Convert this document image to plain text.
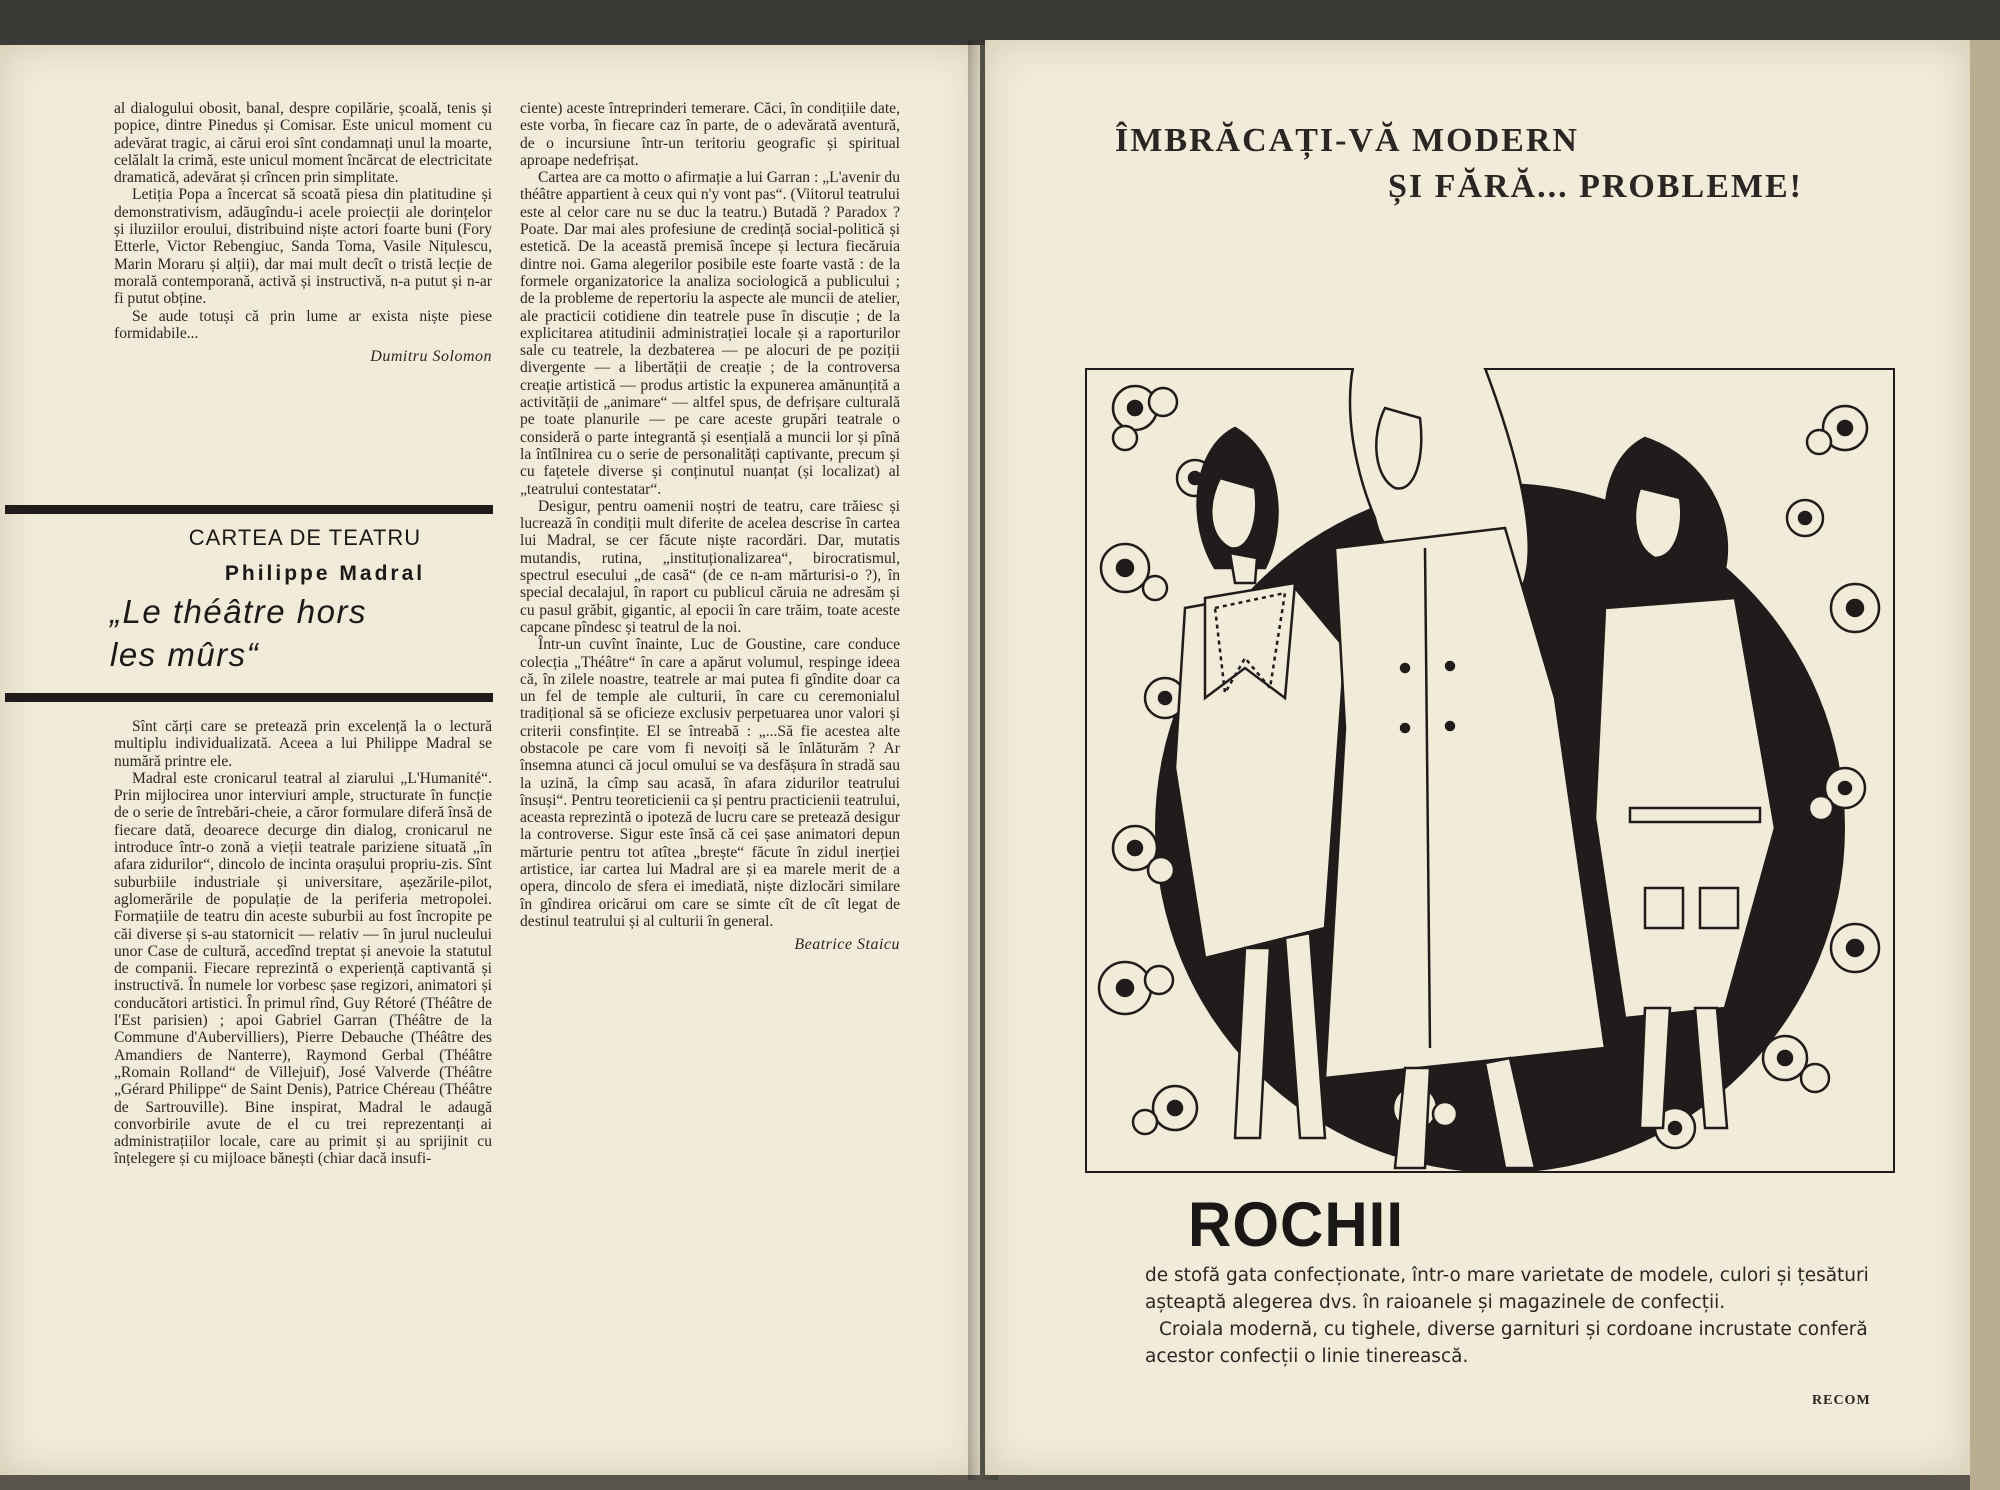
al dialogului obosit, banal, despre copilărie, școală, tenis și popice, dintre Pinedus și Comisar. Este unicul moment cu adevărat tragic, ai cărui eroi sînt condamnați unul la moarte, celălalt la crimă, este unicul moment încărcat de electricitate dramatică, adevărat și crîncen prin simplitate.

Letiția Popa a încercat să scoată piesa din platitudine și demonstrativism, adăugîndu-i acele proiecții ale dorințelor și iluziilor eroului, distribuind niște actori foarte buni (Fory Etterle, Victor Rebengiuc, Sanda Toma, Vasile Nițulescu, Marin Moraru și alții), dar mai mult decît o tristă lecție de morală contemporană, activă și instructivă, n-a putut și n-ar fi putut obține.

Se aude totuși că prin lume ar exista niște piese formidabile...

Dumitru Solomon
CARTEA DE TEATRU
Philippe Madral
„Le théâtre hors
les mûrs“

Sînt cărți care se pretează prin excelență la o lectură multiplu individualizată. Aceea a lui Philippe Madral se numără printre ele.

Madral este cronicarul teatral al ziarului „L'Humanité“. Prin mijlocirea unor interviuri ample, structurate în funcție de o serie de întrebări-cheie, a căror formulare diferă însă de fiecare dată, deoarece decurge din dialog, cronicarul ne introduce într-o zonă a vieții teatrale pariziene situată „în afara zidurilor“, dincolo de incinta orașului propriu-zis. Sînt suburbiile industriale și universitare, așezările-pilot, aglomerările de populație de la periferia metropolei. Formațiile de teatru din aceste suburbii au fost încropite pe căi diverse și s-au statornicit — relativ — în jurul nucleului unor Case de cultură, accedînd treptat și anevoie la statutul de companii. Fiecare reprezintă o experiență captivantă și instructivă. În numele lor vorbesc șase regizori, animatori și conducători artistici. În primul rînd, Guy Rétoré (Théâtre de l'Est parisien) ; apoi Gabriel Garran (Théâtre de la Commune d'Aubervilliers), Pierre Debauche (Théâtre des Amandiers de Nanterre), Raymond Gerbal (Théâtre „Romain Rolland“ de Villejuif), José Valverde (Théâtre „Gérard Philippe“ de Saint Denis), Patrice Chéreau (Théâtre de Sartrouville). Bine inspirat, Madral le adaugă convorbirile avute de el cu trei reprezentanți ai administrațiilor locale, care au primit și au sprijinit cu înțelegere și cu mijloace bănești (chiar dacă insufi-

ciente) aceste întreprinderi temerare. Căci, în condițiile date, este vorba, în fiecare caz în parte, de o adevărată aventură, de o incursiune într-un teritoriu geografic și spiritual aproape nedefrișat.

Cartea are ca motto o afirmație a lui Garran : „L'avenir du théâtre appartient à ceux qui n'y vont pas“. (Viitorul teatrului este al celor care nu se duc la teatru.) Butadă ? Paradox ? Poate. Dar mai ales profesiune de credință social-politică și estetică. De la această premisă începe și lectura fiecăruia dintre noi. Gama alegerilor posibile este foarte vastă : de la formele organizatorice la analiza sociologică a publicului ; de la probleme de repertoriu la aspecte ale muncii de atelier, ale practicii cotidiene din teatrele puse în discuție ; de la explicitarea atitudinii administrației locale și a raporturilor sale cu teatrele, la dezbaterea — pe alocuri de pe poziții divergente — a libertății de creație ; de la controversa creație artistică — produs artistic la expunerea amănunțită a activității de „animare“ — altfel spus, de defrișare culturală pe toate planurile — pe care aceste grupări teatrale o consideră o parte integrantă și esențială a muncii lor și pînă la întîlnirea cu o serie de personalități captivante, precum și cu fațetele diverse și conținutul nuanțat (și localizat) al „teatrului contestatar“.

Desigur, pentru oamenii noștri de teatru, care trăiesc și lucrează în condiții mult diferite de acelea descrise în cartea lui Madral, se cer făcute niște racordări. Dar, mutatis mutandis, rutina, „instituționalizarea“, birocratismul, spectrul esecului „de casă“ (de ce n-am mărturisi-o ?), în special decalajul, în raport cu publicul căruia ne adresăm și cu pasul grăbit, gigantic, al epocii în care trăim, toate aceste capcane pîndesc și teatrul de la noi.

Într-un cuvînt înainte, Luc de Goustine, care conduce colecția „Théâtre“ în care a apărut volumul, respinge ideea că, în zilele noastre, teatrele ar mai putea fi gîndite doar ca un fel de temple ale culturii, în care cu ceremonialul tradițional să se oficieze exclusiv perpetuarea unor valori și criterii consfințite. El se întreabă : „...Să fie acestea alte obstacole pe care vom fi nevoiți să le înlăturăm ? Ar însemna atunci că jocul omului se va desfășura în stradă sau la uzină, la cîmp sau acasă, în afara zidurilor teatrului însuși“. Pentru teoreticienii ca și pentru practicienii teatrului, aceasta reprezintă o ipoteză de lucru care se pretează desigur la controverse. Sigur este însă că cei șase animatori depun mărturie pentru tot atîtea „brește“ făcute în zidul inerției artistice, iar cartea lui Madral are și ea marele merit de a opera, dincolo de sfera ei imediată, niște dizlocări similare în gîndirea oricărui om care se simte cît de cît legat de destinul teatrului și al culturii în general.

Beatrice Staicu
ÎMBRĂCAȚI-VĂ MODERN
ȘI FĂRĂ... PROBLEME!
ROCHII

de stofă gata confecționate, într-o mare varietate de modele, culori și țesături așteaptă alegerea dvs. în raioanele și magazinele de confecții.

Croiala modernă, cu tighele, diverse garnituri și cordoane incrustate conferă acestor confecții o linie tinerească.

RECOM
